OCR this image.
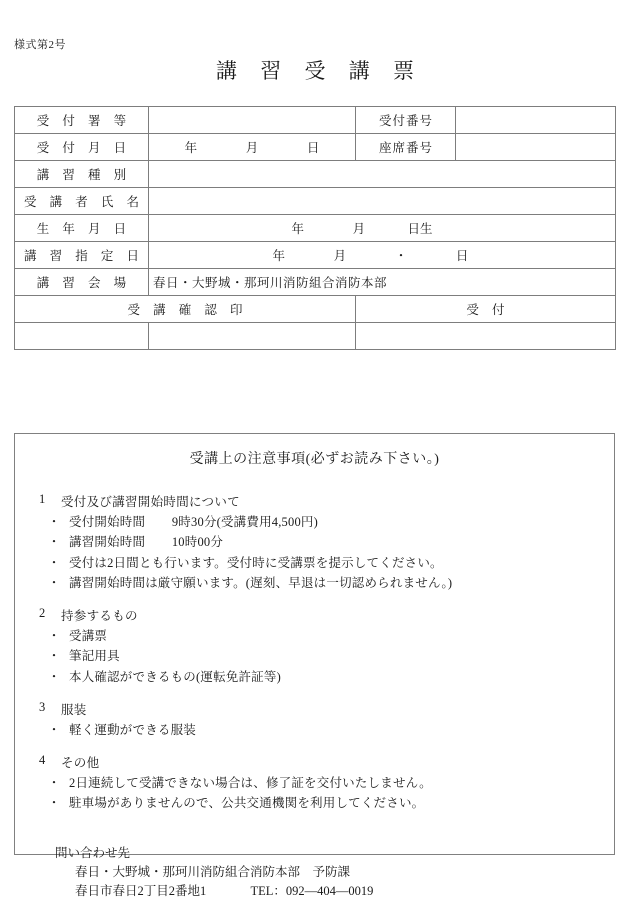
様式第2号
講 習 受 講 票
受 付 署 等		受付番号	
受 付 月 日	年 月 日	座席番号	
講 習 種 別			
受 講 者 氏 名			
生 年 月 日	年 月 日生		
講 習 指 定 日	年 月 ・ 日		
講 習 会 場	春日・大野城・那珂川消防組合消防本部		
受 講 確 認 印		受 付	

受講上の注意事項(必ずお読み下さい。)
1	受付及び講習開始時間について
・ 受付開始時間 9時30分(受講費用4,500円)
・ 講習開始時間 10時00分
・ 受付は2日間とも行います。受付時に受講票を提示してください。
・ 講習開始時間は厳守願います。(遅刻、早退は一切認められません。)
2	持参するもの
・ 受講票
・ 筆記用具
・ 本人確認ができるもの(運転免許証等)
3	服装
・ 軽く運動ができる服装
4	その他
・ 2日連続して受講できない場合は、修了証を交付いたしません。
・ 駐車場がありませんので、公共交通機関を利用してください。
問い合わせ先
春日・大野城・那珂川消防組合消防本部　予防課
春日市春日2丁目2番地1	TEL：092—404—0019
